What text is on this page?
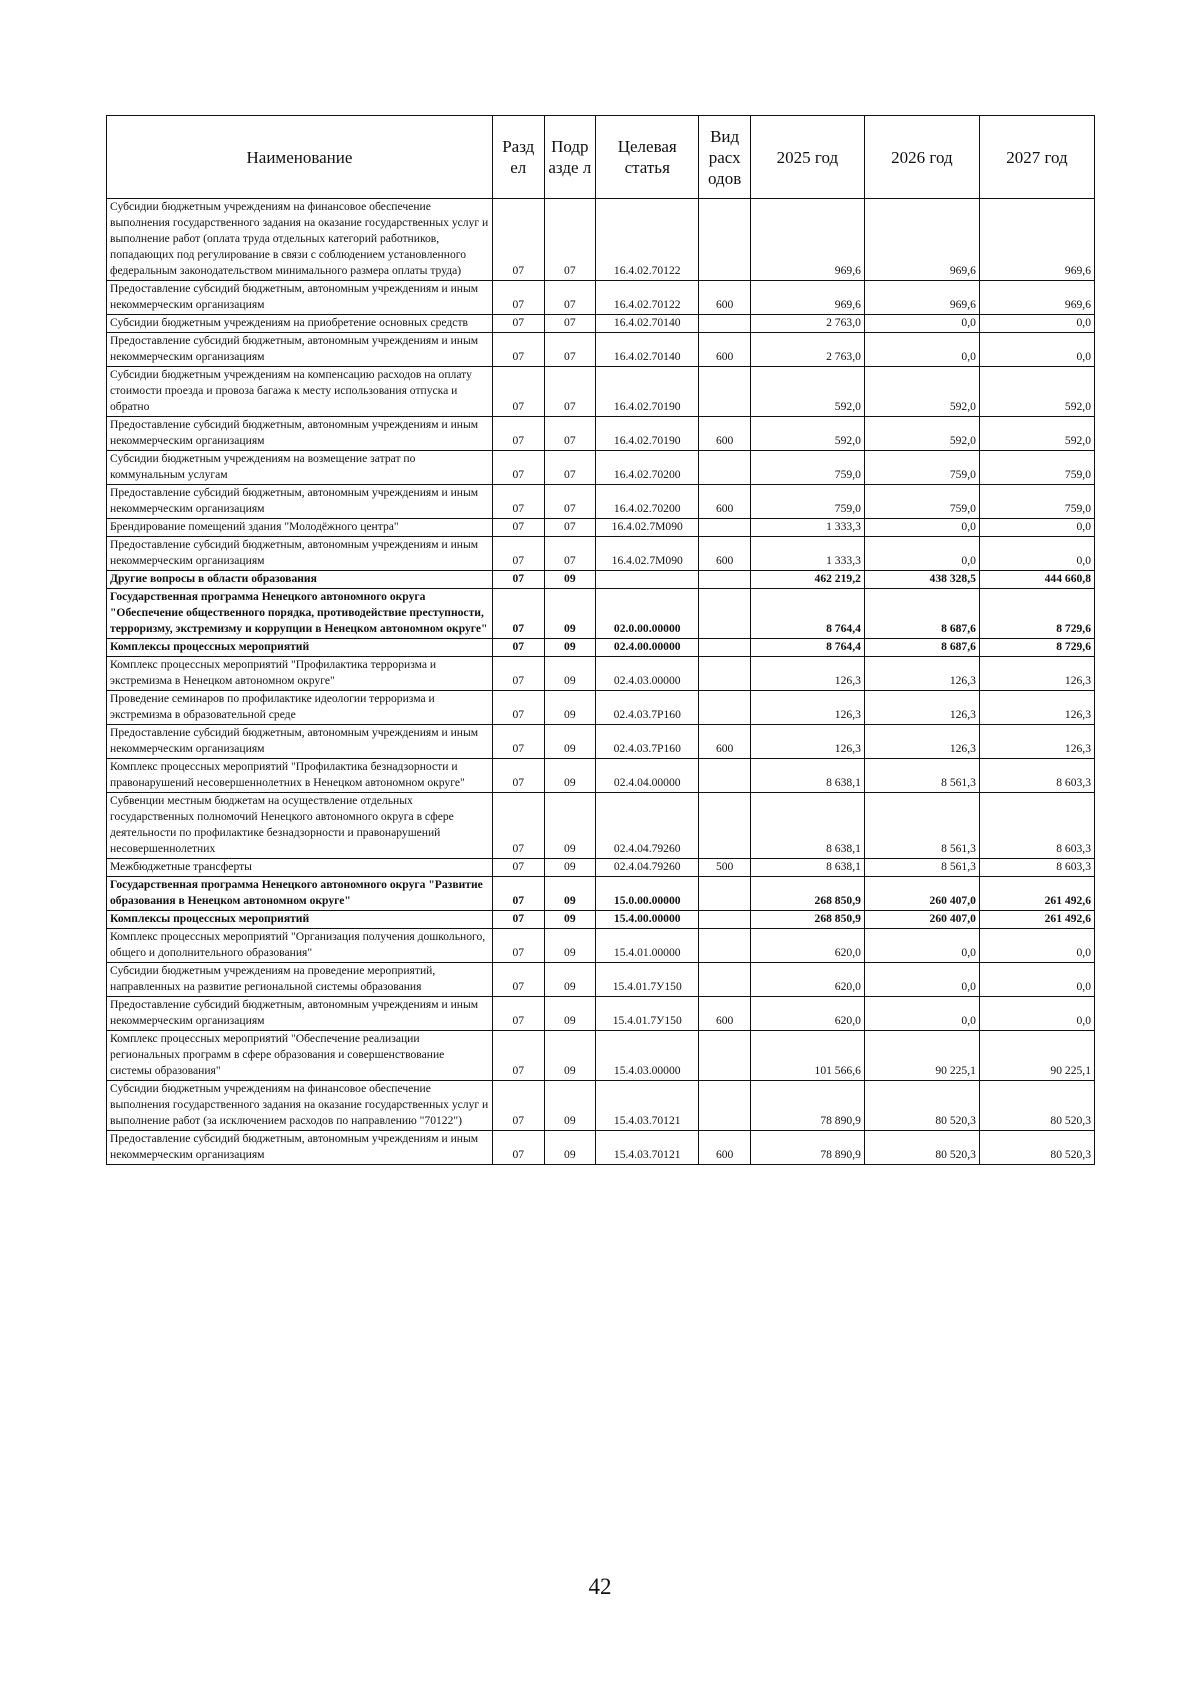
Наименование	Разд ел	Подр азде л	Целевая статья	Вид расх одов	2025 год	2026 год	2027 год
Субсидии бюджетным учреждениям на финансовое обеспечение выполнения государственного задания на оказание государственных услуг и выполнение работ (оплата труда отдельных категорий работников, попадающих под регулирование в связи с соблюдением установленного федеральным законодательством минимального размера оплаты труда)	07	07	16.4.02.70122		969,6	969,6	969,6
Предоставление субсидий бюджетным, автономным учреждениям и иным некоммерческим организациям	07	07	16.4.02.70122	600	969,6	969,6	969,6
Субсидии бюджетным учреждениям на приобретение основных средств	07	07	16.4.02.70140		2 763,0	0,0	0,0
Предоставление субсидий бюджетным, автономным учреждениям и иным некоммерческим организациям	07	07	16.4.02.70140	600	2 763,0	0,0	0,0
Субсидии бюджетным учреждениям на компенсацию расходов на оплату стоимости проезда и провоза багажа к месту использования отпуска и обратно	07	07	16.4.02.70190		592,0	592,0	592,0
Предоставление субсидий бюджетным, автономным учреждениям и иным некоммерческим организациям	07	07	16.4.02.70190	600	592,0	592,0	592,0
Субсидии бюджетным учреждениям на возмещение затрат по коммунальным услугам	07	07	16.4.02.70200		759,0	759,0	759,0
Предоставление субсидий бюджетным, автономным учреждениям и иным некоммерческим организациям	07	07	16.4.02.70200	600	759,0	759,0	759,0
Брендирование помещений здания "Молодёжного центра"	07	07	16.4.02.7M090		1 333,3	0,0	0,0
Предоставление субсидий бюджетным, автономным учреждениям и иным некоммерческим организациям	07	07	16.4.02.7M090	600	1 333,3	0,0	0,0
Другие вопросы в области образования	07	09			462 219,2	438 328,5	444 660,8
Государственная программа Ненецкого автономного округа "Обеспечение общественного порядка, противодействие преступности, терроризму, экстремизму и коррупции в Ненецком автономном округе"	07	09	02.0.00.00000		8 764,4	8 687,6	8 729,6
Комплексы процессных мероприятий	07	09	02.4.00.00000		8 764,4	8 687,6	8 729,6
Комплекс процессных мероприятий "Профилактика терроризма и экстремизма в Ненецком автономном округе"	07	09	02.4.03.00000		126,3	126,3	126,3
Проведение семинаров по профилактике идеологии терроризма и экстремизма в образовательной среде	07	09	02.4.03.7P160		126,3	126,3	126,3
Предоставление субсидий бюджетным, автономным учреждениям и иным некоммерческим организациям	07	09	02.4.03.7P160	600	126,3	126,3	126,3
Комплекс процессных мероприятий "Профилактика безнадзорности и правонарушений несовершеннолетних в Ненецком автономном округе"	07	09	02.4.04.00000		8 638,1	8 561,3	8 603,3
Субвенции местным бюджетам на осуществление отдельных государственных полномочий Ненецкого автономного округа в сфере деятельности по профилактике безнадзорности и правонарушений несовершеннолетних	07	09	02.4.04.79260		8 638,1	8 561,3	8 603,3
Межбюджетные трансферты	07	09	02.4.04.79260	500	8 638,1	8 561,3	8 603,3
Государственная программа Ненецкого автономного округа "Развитие образования в Ненецком автономном округе"	07	09	15.0.00.00000		268 850,9	260 407,0	261 492,6
Комплексы процессных мероприятий	07	09	15.4.00.00000		268 850,9	260 407,0	261 492,6
Комплекс процессных мероприятий "Организация получения дошкольного, общего и дополнительного образования"	07	09	15.4.01.00000		620,0	0,0	0,0
Субсидии бюджетным учреждениям на проведение мероприятий, направленных на развитие региональной системы образования	07	09	15.4.01.7У150		620,0	0,0	0,0
Предоставление субсидий бюджетным, автономным учреждениям и иным некоммерческим организациям	07	09	15.4.01.7У150	600	620,0	0,0	0,0
Комплекс процессных мероприятий "Обеспечение реализации региональных программ в сфере образования и совершенствование системы образования"	07	09	15.4.03.00000		101 566,6	90 225,1	90 225,1
Субсидии бюджетным учреждениям на финансовое обеспечение выполнения государственного задания на оказание государственных услуг и выполнение работ (за исключением расходов по направлению "70122")	07	09	15.4.03.70121		78 890,9	80 520,3	80 520,3
Предоставление субсидий бюджетным, автономным учреждениям и иным некоммерческим организациям	07	09	15.4.03.70121	600	78 890,9	80 520,3	80 520,3
42
